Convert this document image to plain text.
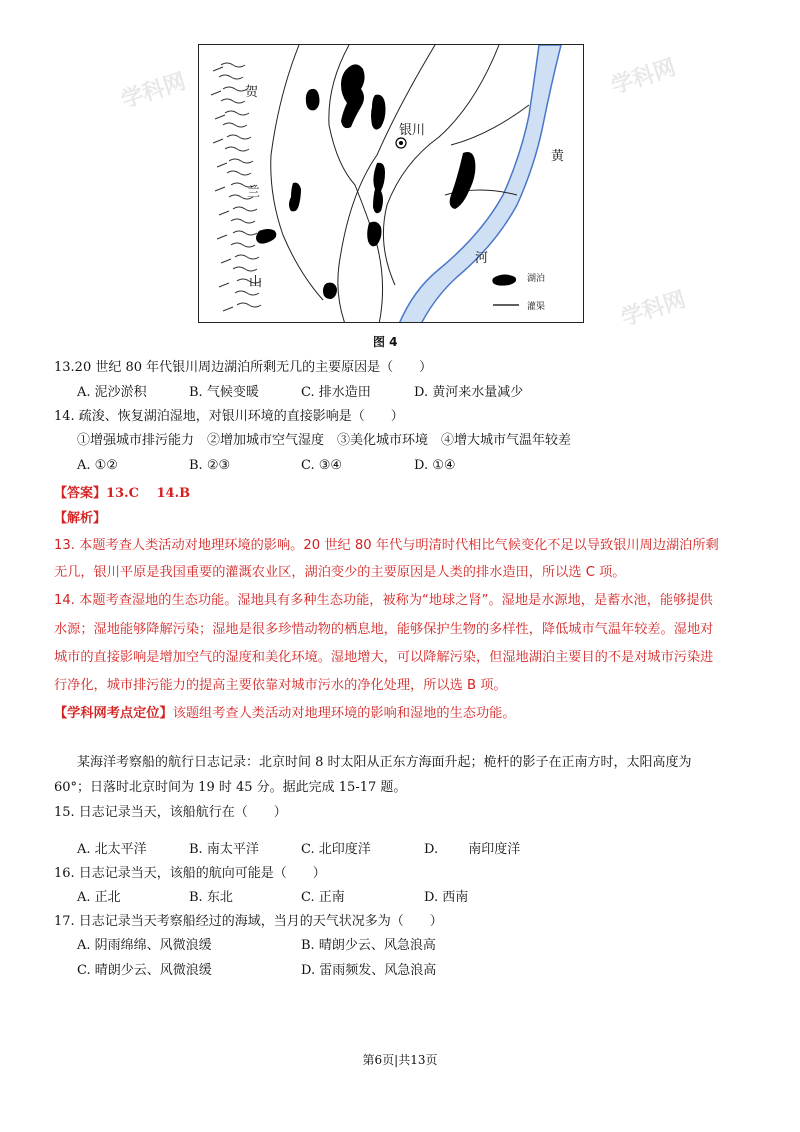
贺
兰
山
银川
黄
河
湖泊
灌渠
学科网	学科网
学科网
图 4
13.20 世纪 80 年代银川周边湖泊所剩无几的主要原因是（　　）
A. 泥沙淤积	B. 气候变暖	C. 排水造田	D. 黄河来水量减少
14. 疏浚、恢复湖泊湿地，对银川环境的直接影响是（　　）
①增强城市排污能力　②增加城市空气湿度　③美化城市环境　④增大城市气温年较差
A. ①②	B. ②③	C. ③④	D. ①④
【答案】13.C　 14.B
【解析】
13. 本题考查人类活动对地理环境的影响。20 世纪 80 年代与明清时代相比气候变化不足以导致银川周边湖泊所剩
无几，银川平原是我国重要的灌溉农业区，湖泊变少的主要原因是人类的排水造田，所以选 C 项。
14. 本题考查湿地的生态功能。湿地具有多种生态功能，被称为“地球之肾”。湿地是水源地，是蓄水池，能够提供
水源；湿地能够降解污染；湿地是很多珍惜动物的栖息地，能够保护生物的多样性，降低城市气温年较差。湿地对
城市的直接影响是增加空气的湿度和美化环境。湿地增大，可以降解污染，但湿地湖泊主要目的不是对城市污染进
行净化，城市排污能力的提高主要依靠对城市污水的净化处理，所以选 B 项。
【学科网考点定位】该题组考查人类活动对地理环境的影响和湿地的生态功能。
某海洋考察船的航行日志记录：北京时间 8 时太阳从正东方海面升起；桅杆的影子在正南方时，太阳高度为
60°；日落时北京时间为 19 时 45 分。据此完成 15-17 题。
15. 日志记录当天，该船航行在（　　）
A. 北太平洋	B. 南太平洋	C. 北印度洋	D.　　 南印度洋
16. 日志记录当天，该船的航向可能是（　　）
A. 正北	B. 东北	C. 正南	D. 西南
17. 日志记录当天考察船经过的海域，当月的天气状况多为（　　）
A. 阴雨绵绵、风微浪缓	B. 晴朗少云、风急浪高
C. 晴朗少云、风微浪缓	D. 雷雨频发、风急浪高
第6页|共13页
